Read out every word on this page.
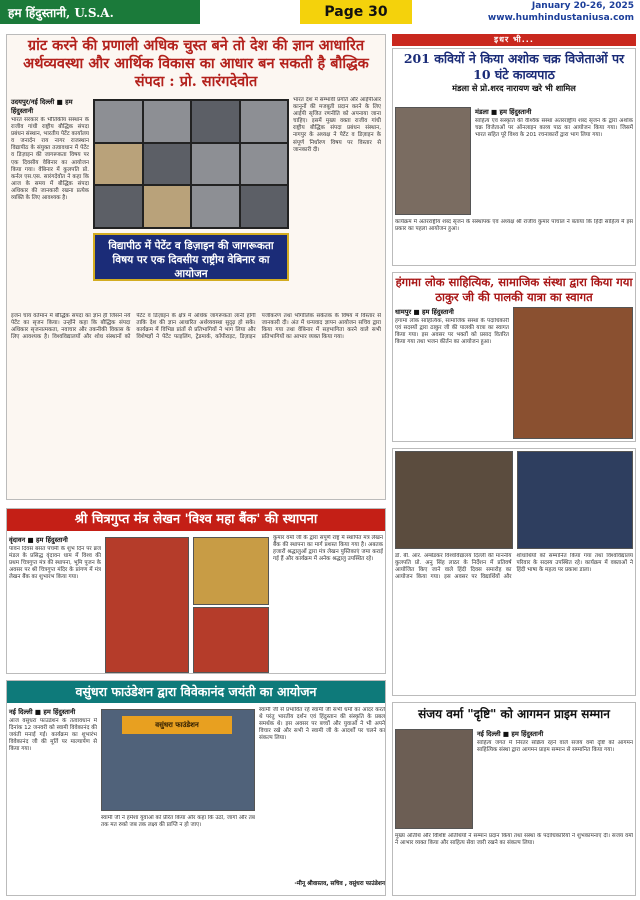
हम हिंदुस्तानी, U.S.A.	Page 30	January 20-26, 2025
www.humhindustaniusa.com
ग्रांट करने की प्रणाली अधिक चुस्त बने तो देश की ज्ञान आधारित अर्थव्यवस्था और आर्थिक विकास का आधार बन सकती है बौद्धिक संपदा : प्रो. सारंगदेवोत
उदयपुर/नई दिल्ली ■ हम हिंदुस्तानी
भारत सरकार के भौतिकीय संस्थान के राजीव गांधी राष्ट्रीय बौद्धिक संपदा प्रबंधन संस्थान, भारतीय पेटेंट कार्यालय व जनार्दन राय नागर राजस्थान विद्यापीठ के संयुक्त तत्वावधान में पेटेंट व डिज़ाइन की जागरूकता विषय पर एक दिवसीय वेबिनार का आयोजन किया गया। वेबिनार में कुलपति प्रो. कर्नल एस.एस. सारंगदेवोत ने कहा कि आज के समय में बौद्धिक संपदा अधिकार की जानकारी रखना प्रत्येक व्यक्ति के लिए आवश्यक है।
विद्यापीठ में पेटेंट व डिज़ाइन की जागरूकता विषय पर एक दिवसीय राष्ट्रीय वेबिनार का आयोजन
भारत देश में सम्भावी प्रगति और आईपीआर कानूनों की मजबूती प्रदान करने के लिए आईपी सृजित रणनीति को अपनाया जाना चाहिए। इसमें मुख्य वक्ता राजीव गांधी राष्ट्रीय बौद्धिक संपदा प्रबंधन संस्थान, नागपुर के अध्यक्ष ने पेटेंट व डिज़ाइन के संपूर्ण निर्धारण विषय पर विस्तार से जानकारी दी।
इंजन चाय वर्तमान में बौद्धिक संपदा का ज्ञान ही जिसने नये पेटेंट का सृजन किया। उन्होंने कहा कि बौद्धिक संपदा अधिकार सृजनात्मकता, नवाचार और तकनीकी विकास के लिए आवश्यक है। विश्वविद्यालयों और शोध संस्थानों को पेटेंट व डिज़ाइन के क्षेत्र में अधिक जागरूकता लानी होगी ताकि देश की ज्ञान आधारित अर्थव्यवस्था सुदृढ़ हो सके। कार्यक्रम में विभिन्न प्रांतों से प्रतिभागियों ने भाग लिया और विशेषज्ञों ने पेटेंट फाइलिंग, ट्रेडमार्क, कॉपीराइट, डिज़ाइन पंजीकरण तथा भौगोलिक संकेतक के विषय में विस्तार से जानकारी दी। अंत में धन्यवाद ज्ञापन आयोजन सचिव द्वारा किया गया तथा वेबिनार में सहभागिता करने वाले सभी प्रतिभागियों का आभार व्यक्त किया गया।
श्री चित्रगुप्त मंत्र लेखन 'विश्व महा बैंक' की स्थापना
वृंदावन ■ हम हिंदुस्तानी
पावन दिवस बसंत पंचमी के शुभ दिन पर ब्रज मंडल के प्रसिद्ध वृंदावन धाम में विश्व की प्रथम चित्रगुप्त मंत्र की स्थापना, भूमि पूजन के अवसर पर श्री चित्रगुप्त मंदिर के प्रांगण में मंत्र लेखन बैंक का शुभारंभ किया गया।
कुमार वर्मा जी के द्वारा संपूर्ण राष्ट्र में स्थापित मंत्र लेखन बैंक की स्थापना का मार्ग प्रशस्त किया गया है। अबतक हजारों श्रद्धालुओं द्वारा मंत्र लेखन पुस्तिकाएं जमा कराई गई हैं और कार्यक्रम में अनेक श्रद्धालु उपस्थित रहे।
वसुंधरा फाउंडेशन द्वारा विवेकानंद जयंती का आयोजन
नई दिल्ली ■ हम हिंदुस्तानी
आज वसुंधरा फाउंडेशन के तत्वावधान में दिनांक 12 जनवरी को स्वामी विवेकानंद की जयंती मनाई गई। कार्यक्रम का शुभारंभ विवेकानंद जी की मूर्ति पर माल्यार्पण से किया गया।
वसुंधरा फाउंडेशन
स्वामी जी ने हमेशा युवाओं को प्रेरित किया और कहा कि उठो, जागो और तब तक मत रुको जब तक लक्ष्य की प्राप्ति न हो जाए।
स्वामी जी से प्रभावित रहे स्वामी जी सभी धर्मों का आदर करते थे परंतु भारतीय दर्शन एवं हिंदुस्तान की संस्कृति के प्रबल समर्थक थे। इस अवसर पर बच्चों और युवाओं ने भी अपने विचार रखे और सभी ने स्वामी जी के आदर्शों पर चलने का संकल्प लिया।
-मीनू श्रीवास्तव, सचिव , वसुंधरा फाउंडेशन
इधर भी...
201 कवियों ने किया अशोक चक्र विजेताओं पर 10 घंटे काव्यपाठ
मंडला से प्रो.शरद नारायण खरे भी शामिल
मंडला ■ हम हिंदुस्तानी
साहित्य एवं संस्कृति की वैश्विक संस्था अंतरराष्ट्रीय शब्द सृजन के द्वारा अशोक चक्र विजेताओं पर ऑनलाइन काव्य पाठ का आयोजन किया गया। जिसमें भारत सहित पूरे विश्व के 201 रचनाकारों द्वारा भाग लिया गया।
कार्यक्रम में अंतरराष्ट्रीय शब्द सृजन के संस्थापक एवं अध्यक्ष श्री राजीव कुमार पांचाल ने बताया कि हिंदी साहित्य में इस प्रकार का पहला आयोजन हुआ।
हंगामा लोक साहित्यिक, सामाजिक संस्था द्वारा किया गया ठाकुर जी की पालकी यात्रा का स्वागत
धामपुर ■ हम हिंदुस्तानी
हंगामा लोक साहित्यिक, सामाजिक संस्था के पदाधिकारी एवं सदस्यों द्वारा ठाकुर जी की पालकी यात्रा का स्वागत किया गया। इस अवसर पर भक्तों को प्रसाद वितरित किया गया तथा भजन कीर्तन का आयोजन हुआ।
डॉ. बी. आर. अम्बेडकर विश्वविद्यालय दिल्ली की माननीय कुलपति प्रो. अनु सिंह लाठर के निर्देशन में प्रतिवर्ष आयोजित किए जाने वाले हिंदी दिवस समारोह का आयोजन किया गया। इस अवसर पर विद्यार्थियों और शोधार्थियों को सम्मानित किया गया तथा विश्वविद्यालय परिवार के सदस्य उपस्थित रहे। कार्यक्रम में वक्ताओं ने हिंदी भाषा के महत्व पर प्रकाश डाला।
संजय वर्मा "दृष्टि" को आगमन प्राइम सम्मान
नई दिल्ली ■ हम हिंदुस्तानी
साहित्य जगत में निरंतर सक्रिय रहने वाले संजय वर्मा दृष्टि को आगमन साहित्यिक संस्था द्वारा आगमन प्राइम सम्मान से सम्मानित किया गया।
मुख्य अतिथि और विशिष्ट अतिथियों ने सम्मान प्रदान किया तथा संस्था के पदाधिकारियों ने शुभकामनाएं दीं। संजय वर्मा ने आभार व्यक्त किया और साहित्य सेवा जारी रखने का संकल्प लिया।
